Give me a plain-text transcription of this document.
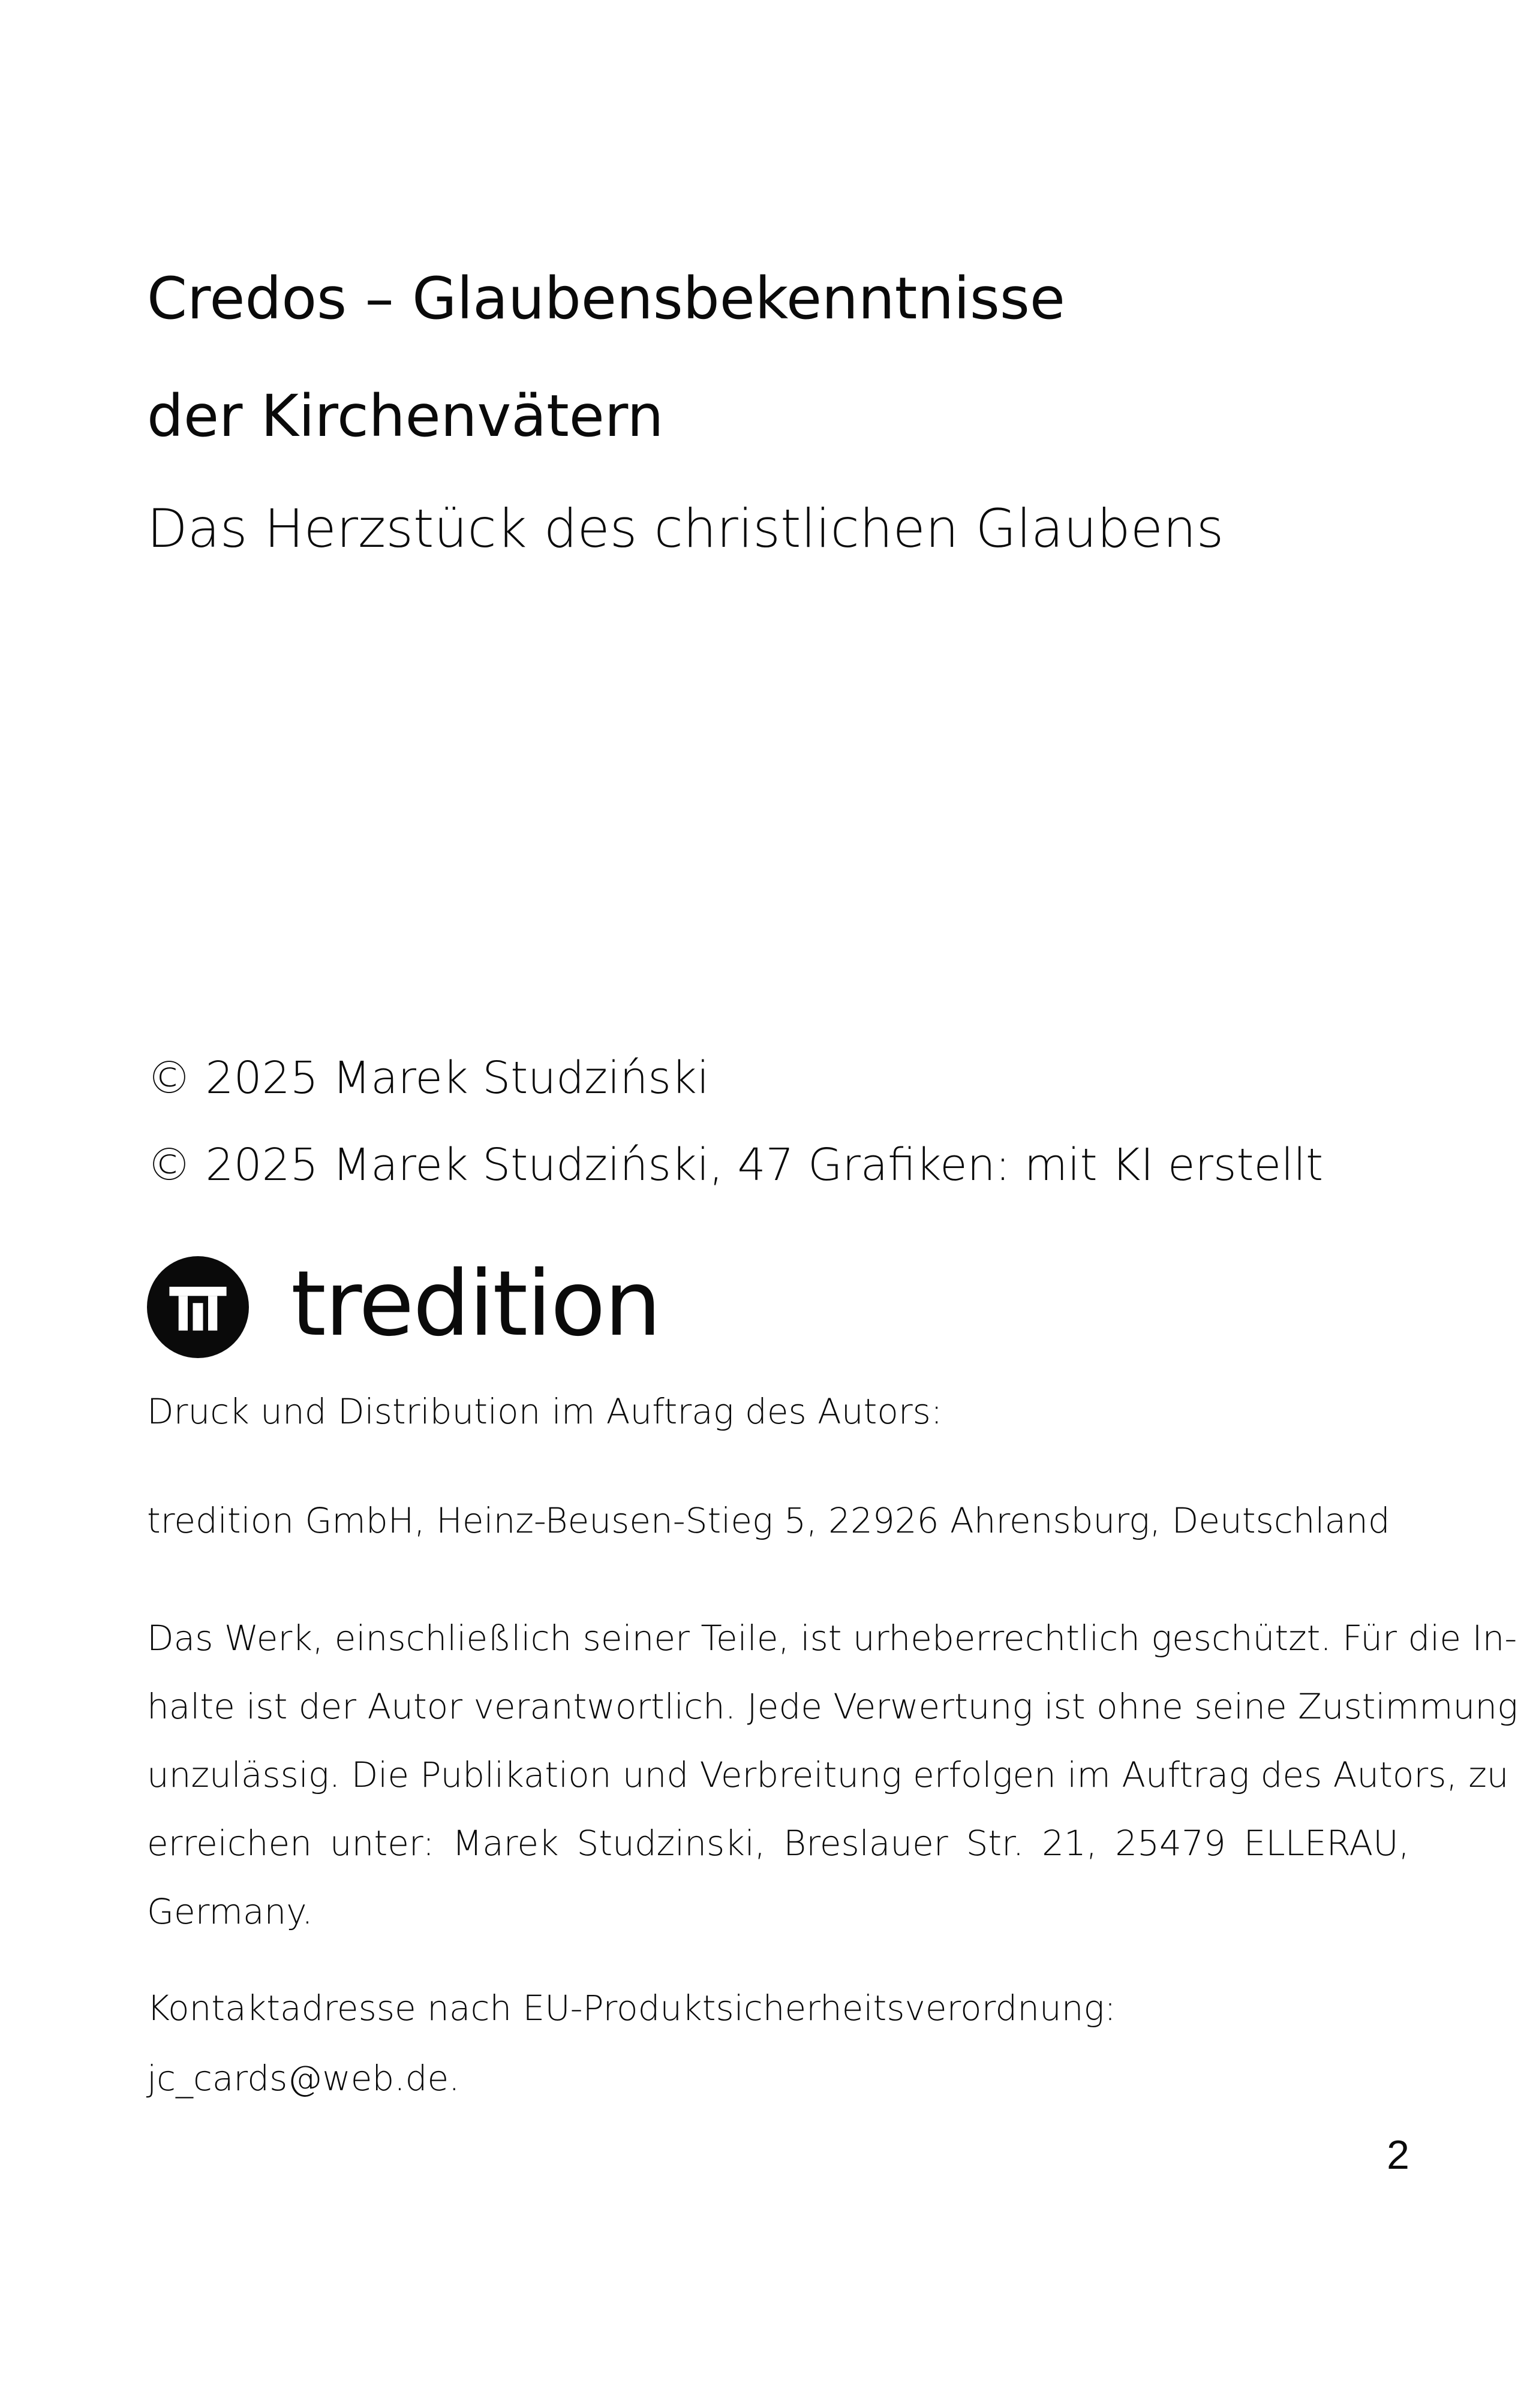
Credos – Glaubensbekenntnisse
der Kirchenvätern
Das Herzstück des christlichen Glaubens
© 2025 Marek Studziński
© 2025 Marek Studziński, 47 Grafiken: mit KI erstellt
tredition
Druck und Distribution im Auftrag des Autors:
tredition GmbH, Heinz-Beusen-Stieg 5, 22926 Ahrensburg, Deutschland
Das Werk, einschließlich seiner Teile, ist urheberrechtlich geschützt. Für die In-
halte ist der Autor verantwortlich. Jede Verwertung ist ohne seine Zustimmung
unzulässig. Die Publikation und Verbreitung erfolgen im Auftrag des Autors, zu
erreichen unter: Marek Studzinski, Breslauer Str. 21, 25479 ELLERAU,
Germany.
Kontaktadresse nach EU-Produktsicherheitsverordnung:
jc_cards@web.de.
2
